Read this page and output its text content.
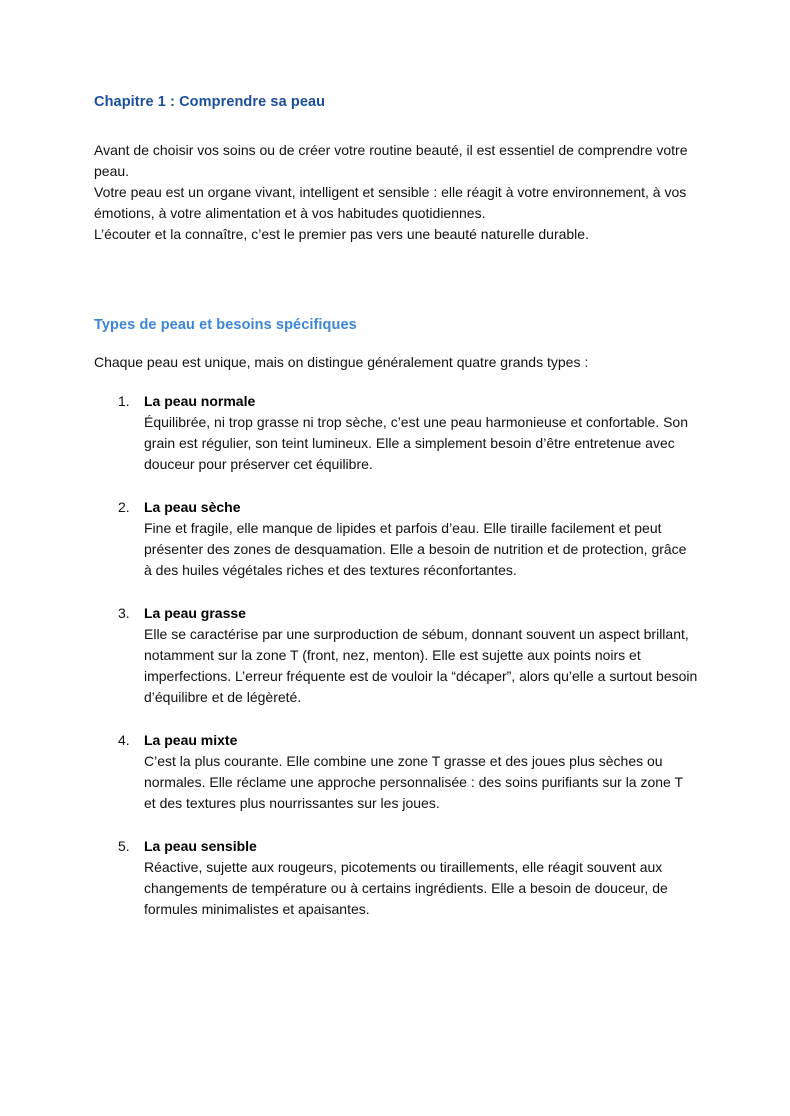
Chapitre 1 : Comprendre sa peau

Avant de choisir vos soins ou de créer votre routine beauté, il est essentiel de comprendre votre peau.
Votre peau est un organe vivant, intelligent et sensible : elle réagit à votre environnement, à vos émotions, à votre alimentation et à vos habitudes quotidiennes.
L’écouter et la connaître, c’est le premier pas vers une beauté naturelle durable.

Types de peau et besoins spécifiques

Chaque peau est unique, mais on distingue généralement quatre grands types :

La peau normale
Équilibrée, ni trop grasse ni trop sèche, c’est une peau harmonieuse et confortable. Son grain est régulier, son teint lumineux. Elle a simplement besoin d’être entretenue avec douceur pour préserver cet équilibre.
La peau sèche
Fine et fragile, elle manque de lipides et parfois d’eau. Elle tiraille facilement et peut présenter des zones de desquamation. Elle a besoin de nutrition et de protection, grâce à des huiles végétales riches et des textures réconfortantes.
La peau grasse
Elle se caractérise par une surproduction de sébum, donnant souvent un aspect brillant, notamment sur la zone T (front, nez, menton). Elle est sujette aux points noirs et imperfections. L’erreur fréquente est de vouloir la “décaper”, alors qu’elle a surtout besoin d’équilibre et de légèreté.
La peau mixte
C’est la plus courante. Elle combine une zone T grasse et des joues plus sèches ou normales. Elle réclame une approche personnalisée : des soins purifiants sur la zone T et des textures plus nourrissantes sur les joues.
La peau sensible
Réactive, sujette aux rougeurs, picotements ou tiraillements, elle réagit souvent aux changements de température ou à certains ingrédients. Elle a besoin de douceur, de formules minimalistes et apaisantes.
